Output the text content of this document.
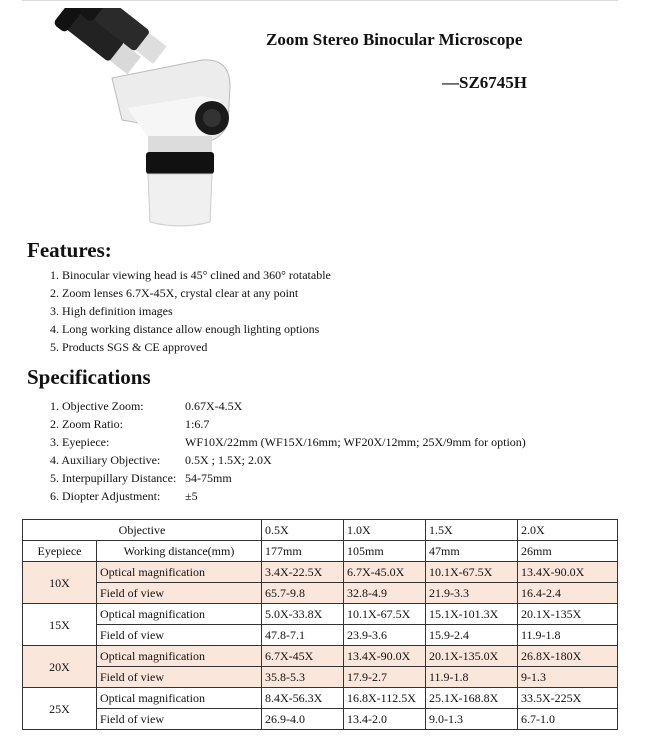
Zoom Stereo Binocular Microscope
—SZ6745H
Features:
1. Binocular viewing head is 45° clined and 360° rotatable
2. Zoom lenses 6.7X-45X, crystal clear at any point
3. High definition images
4. Long working distance allow enough lighting options
5. Products SGS & CE approved
Specifications
1. Objective Zoom:	0.67X-4.5X
2. Zoom Ratio:	1:6.7
3. Eyepiece:	WF10X/22mm (WF15X/16mm; WF20X/12mm; 25X/9mm for option)
4. Auxiliary Objective: 0.5X ; 1.5X; 2.0X
5. Interpupillary Distance: 54-75mm
6. Diopter Adjustment: ±5
Objective		0.5X	1.0X	1.5X	2.0X
Eyepiece	Working distance(mm)	177mm	105mm	47mm	26mm
10X	Optical magnification	3.4X-22.5X	6.7X-45.0X	10.1X-67.5X	13.4X-90.0X
	Field of view	65.7-9.8	32.8-4.9	21.9-3.3	16.4-2.4
15X	Optical magnification	5.0X-33.8X	10.1X-67.5X	15.1X-101.3X	20.1X-135X
	Field of view	47.8-7.1	23.9-3.6	15.9-2.4	11.9-1.8
20X	Optical magnification	6.7X-45X	13.4X-90.0X	20.1X-135.0X	26.8X-180X
	Field of view	35.8-5.3	17.9-2.7	11.9-1.8	9-1.3
25X	Optical magnification	8.4X-56.3X	16.8X-112.5X	25.1X-168.8X	33.5X-225X
	Field of view	26.9-4.0	13.4-2.0	9.0-1.3	6.7-1.0
